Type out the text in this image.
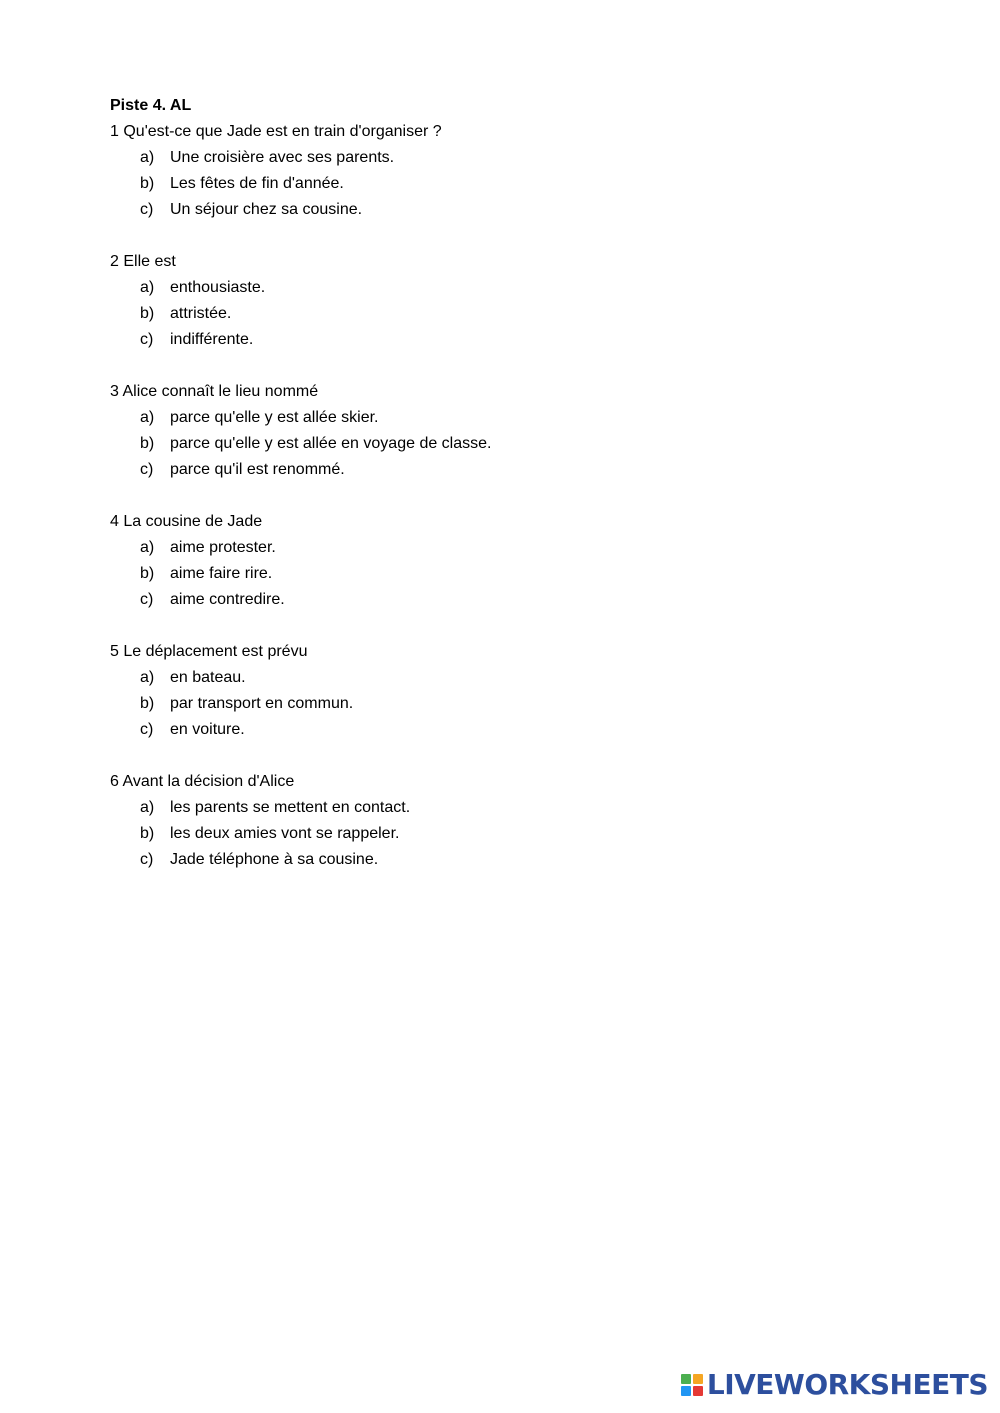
Piste 4. AL
1 Qu'est-ce que Jade est en train d'organiser ?
a) Une croisière avec ses parents.
b) Les fêtes de fin d'année.
c)	Un séjour chez sa cousine.
2 Elle est
a) enthousiaste.
b) attristée.
c)	indifférente.
3 Alice connaît le lieu nommé
a) parce qu'elle y est allée skier.
b) parce qu'elle y est allée en voyage de classe.
c)	parce qu'il est renommé.
4 La cousine de Jade
a) aime protester.
b) aime faire rire.
c)	aime contredire.
5 Le déplacement est prévu
a) en bateau.
b) par transport en commun.
c)	en voiture.
6 Avant la décision d'Alice
a) les parents se mettent en contact.
b) les deux amies vont se rappeler.
c)	Jade téléphone à sa cousine.
LIVEWORKSHEETS
